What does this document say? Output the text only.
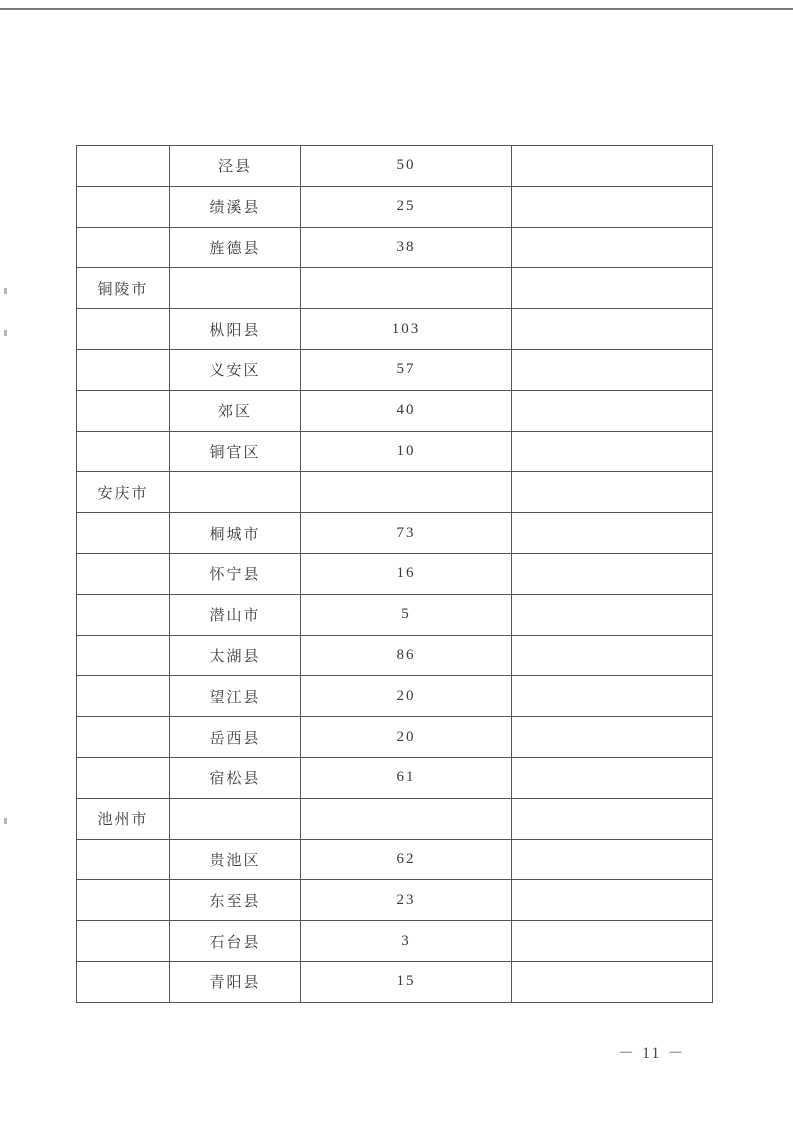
	泾县	50	
	绩溪县	25	
	旌德县	38	
铜陵市			
	枞阳县	103	
	义安区	57	
	郊区	40	
	铜官区	10	
安庆市			
	桐城市	73	
	怀宁县	16	
	潜山市	5	
	太湖县	86	
	望江县	20	
	岳西县	20	
	宿松县	61	
池州市			
	贵池区	62	
	东至县	23	
	石台县	3	
	青阳县	15	
－ 11 －
